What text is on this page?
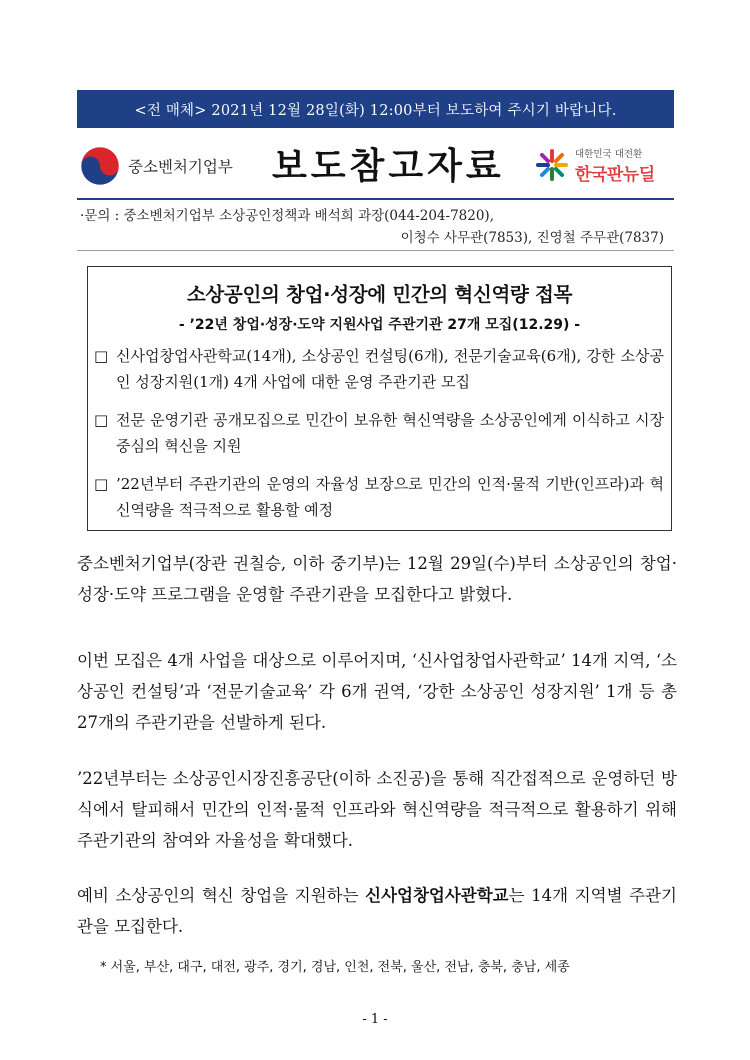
<전 매체> 2021년 12월 28일(화) 12:00부터 보도하여 주시기 바랍니다.
중소벤처기업부 보도참고자료	대한민국 대전환
한국판뉴딜
·문의 : 중소벤처기업부 소상공인정책과 배석희 과장(044-204-7820),
이청수 사무관(7853), 진영철 주무관(7837)
소상공인의 창업·성장에 민간의 혁신역량 접목
- ’22년 창업·성장·도약 지원사업 주관기관 27개 모집(12.29) -
□ 신사업창업사관학교(14개), 소상공인 컨설팅(6개), 전문기술교육(6개), 강한 소상공인 성장지원(1개) 4개 사업에 대한 운영 주관기관 모집
□ 전문 운영기관 공개모집으로 민간이 보유한 혁신역량을 소상공인에게 이식하고 시장 중심의 혁신을 지원
□ ’22년부터 주관기관의 운영의 자율성 보장으로 민간의 인적·물적 기반(인프라)과 혁신역량을 적극적으로 활용할 예정
중소벤처기업부(장관 권칠승, 이하 중기부)는 12월 29일(수)부터 소상공인의 창업·성장·도약 프로그램을 운영할 주관기관을 모집한다고 밝혔다.
이번 모집은 4개 사업을 대상으로 이루어지며, ‘신사업창업사관학교’ 14개 지역, ‘소상공인 컨설팅’과 ‘전문기술교육’ 각 6개 권역, ‘강한 소상공인 성장지원’ 1개 등 총 27개의 주관기관을 선발하게 된다.
’22년부터는 소상공인시장진흥공단(이하 소진공)을 통해 직간접적으로 운영하던 방식에서 탈피해서 민간의 인적·물적 인프라와 혁신역량을 적극적으로 활용하기 위해 주관기관의 참여와 자율성을 확대했다.
예비 소상공인의 혁신 창업을 지원하는 신사업창업사관학교는 14개 지역별 주관기관을 모집한다.
* 서울, 부산, 대구, 대전, 광주, 경기, 경남, 인천, 전북, 울산, 전남, 충북, 충남, 세종
- 1 -
